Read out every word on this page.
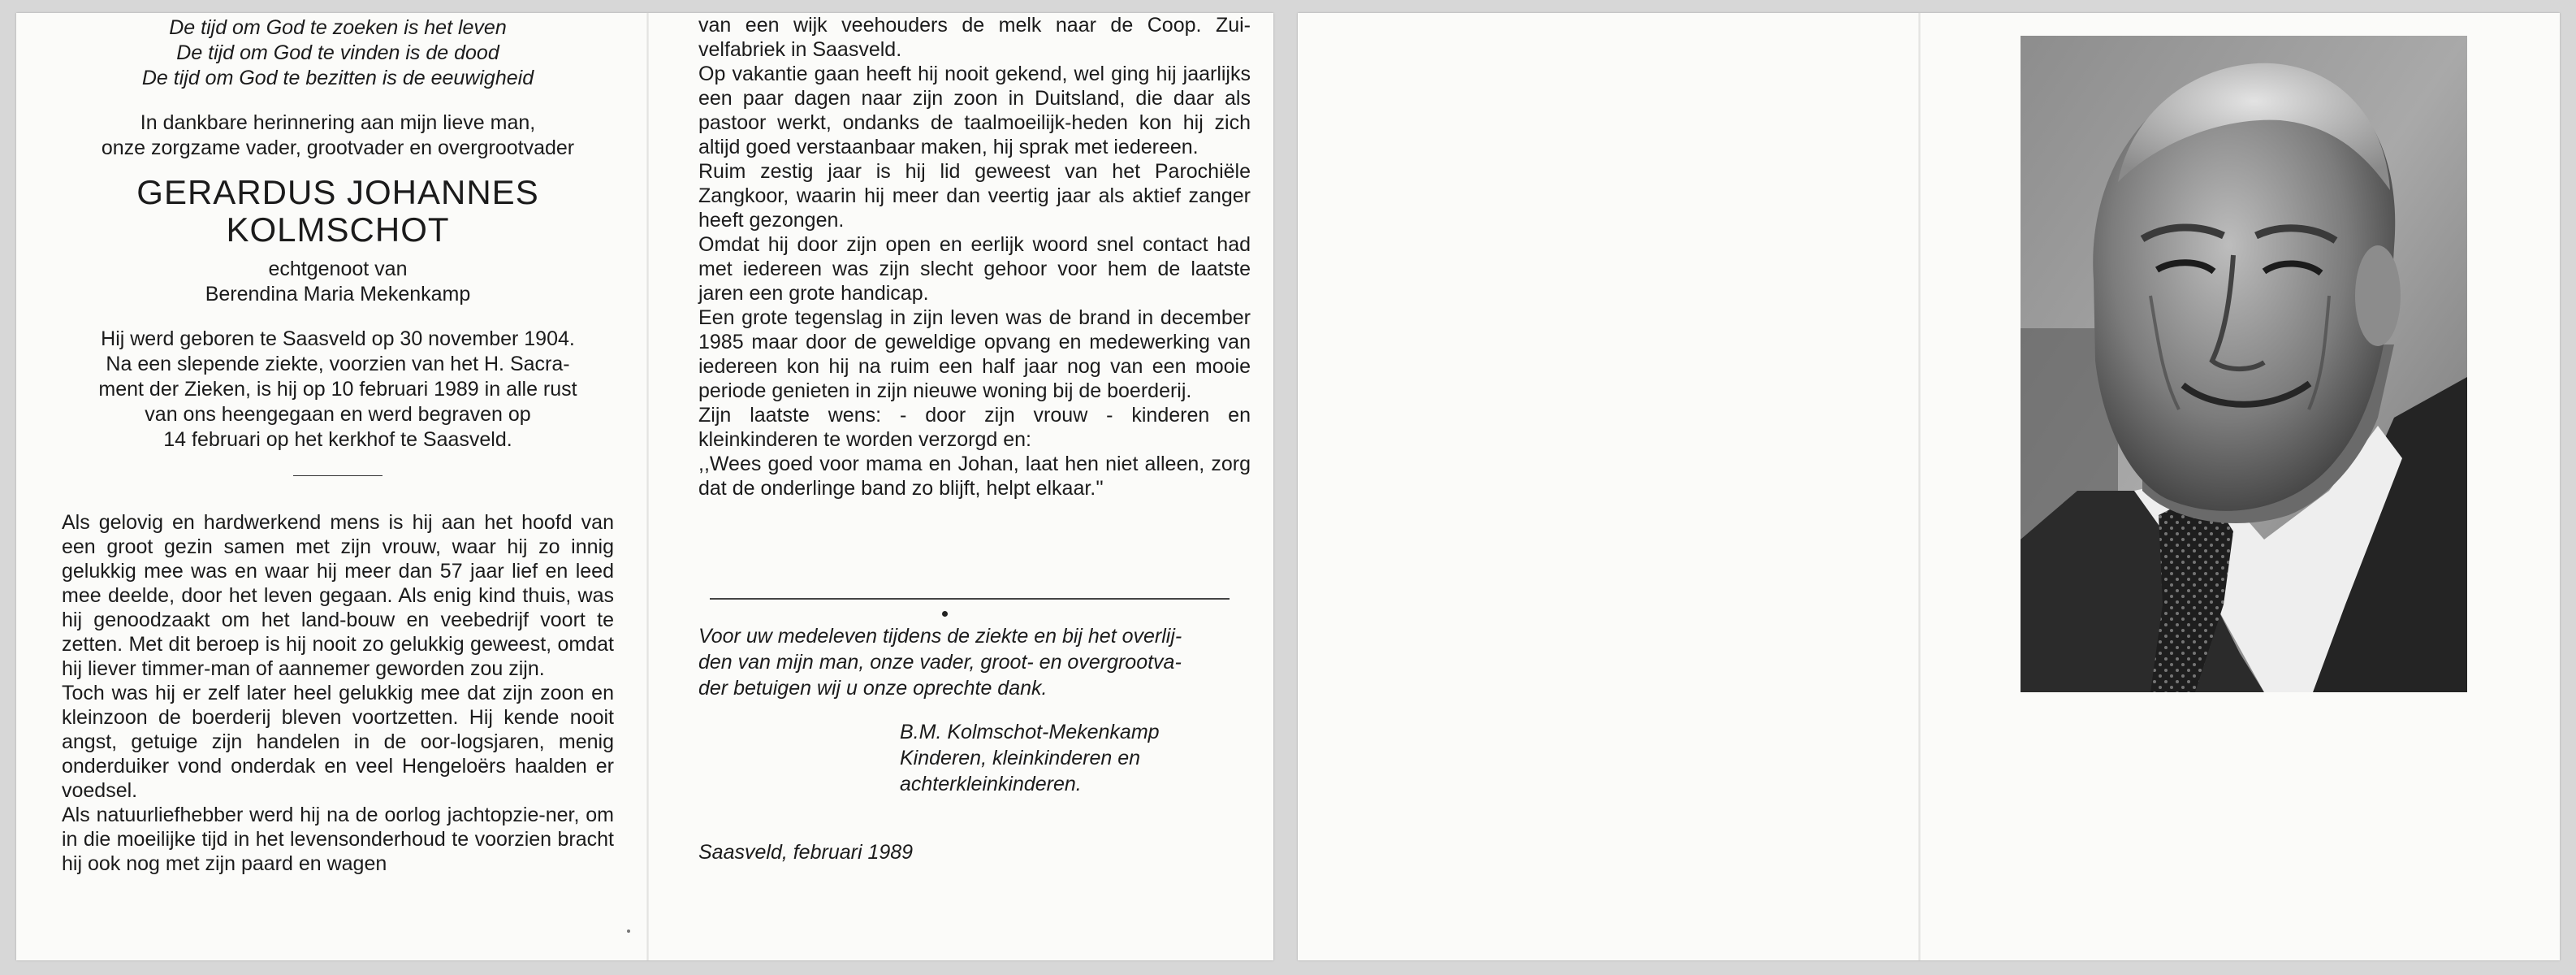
De tijd om God te zoeken is het leven
De tijd om God te vinden is de dood
De tijd om God te bezitten is de eeuwigheid
In dankbare herinnering aan mijn lieve man,
onze zorgzame vader, grootvader en overgrootvader
GERARDUS JOHANNES
KOLMSCHOT
echtgenoot van
Berendina Maria Mekenkamp
Hij werd geboren te Saasveld op 30 november 1904.
Na een slepende ziekte, voorzien van het H. Sacra-
ment der Zieken, is hij op 10 februari 1989 in alle rust
van ons heengegaan en werd begraven op
14 februari op het kerkhof te Saasveld.

Als gelovig en hardwerkend mens is hij aan het hoofd van een groot gezin samen met zijn vrouw, waar hij zo innig gelukkig mee was en waar hij meer dan 57 jaar lief en leed mee deelde, door het leven gegaan. Als enig kind thuis, was hij genoodzaakt om het land-bouw en veebedrijf voort te zetten. Met dit beroep is hij nooit zo gelukkig geweest, omdat hij liever timmer-man of aannemer geworden zou zijn.

Toch was hij er zelf later heel gelukkig mee dat zijn zoon en kleinzoon de boerderij bleven voortzetten. Hij kende nooit angst, getuige zijn handelen in de oor-logsjaren, menig onderduiker vond onderdak en veel Hengeloërs haalden er voedsel.

Als natuurliefhebber werd hij na de oorlog jachtopzie-ner, om in die moeilijke tijd in het levensonderhoud te voorzien bracht hij ook nog met zijn paard en wagen

van een wijk veehouders de melk naar de Coop. Zui-velfabriek in Saasveld.

Op vakantie gaan heeft hij nooit gekend, wel ging hij jaarlijks een paar dagen naar zijn zoon in Duitsland, die daar als pastoor werkt, ondanks de taalmoeilijk-heden kon hij zich altijd goed verstaanbaar maken, hij sprak met iedereen.

Ruim zestig jaar is hij lid geweest van het Parochiële Zangkoor, waarin hij meer dan veertig jaar als aktief zanger heeft gezongen.

Omdat hij door zijn open en eerlijk woord snel contact had met iedereen was zijn slecht gehoor voor hem de laatste jaren een grote handicap.

Een grote tegenslag in zijn leven was de brand in december 1985 maar door de geweldige opvang en medewerking van iedereen kon hij na ruim een half jaar nog van een mooie periode genieten in zijn nieuwe woning bij de boerderij.

Zijn laatste wens: - door zijn vrouw - kinderen en kleinkinderen te worden verzorgd en:

,,Wees goed voor mama en Johan, laat hen niet alleen, zorg dat de onderlinge band zo blijft, helpt elkaar.''

Voor uw medeleven tijdens de ziekte en bij het overlij-
den van mijn man, onze vader, groot- en overgrootva-
der betuigen wij u onze oprechte dank.
B.M. Kolmschot-Mekenkamp
Kinderen, kleinkinderen en
achterkleinkinderen.
Saasveld, februari 1989
